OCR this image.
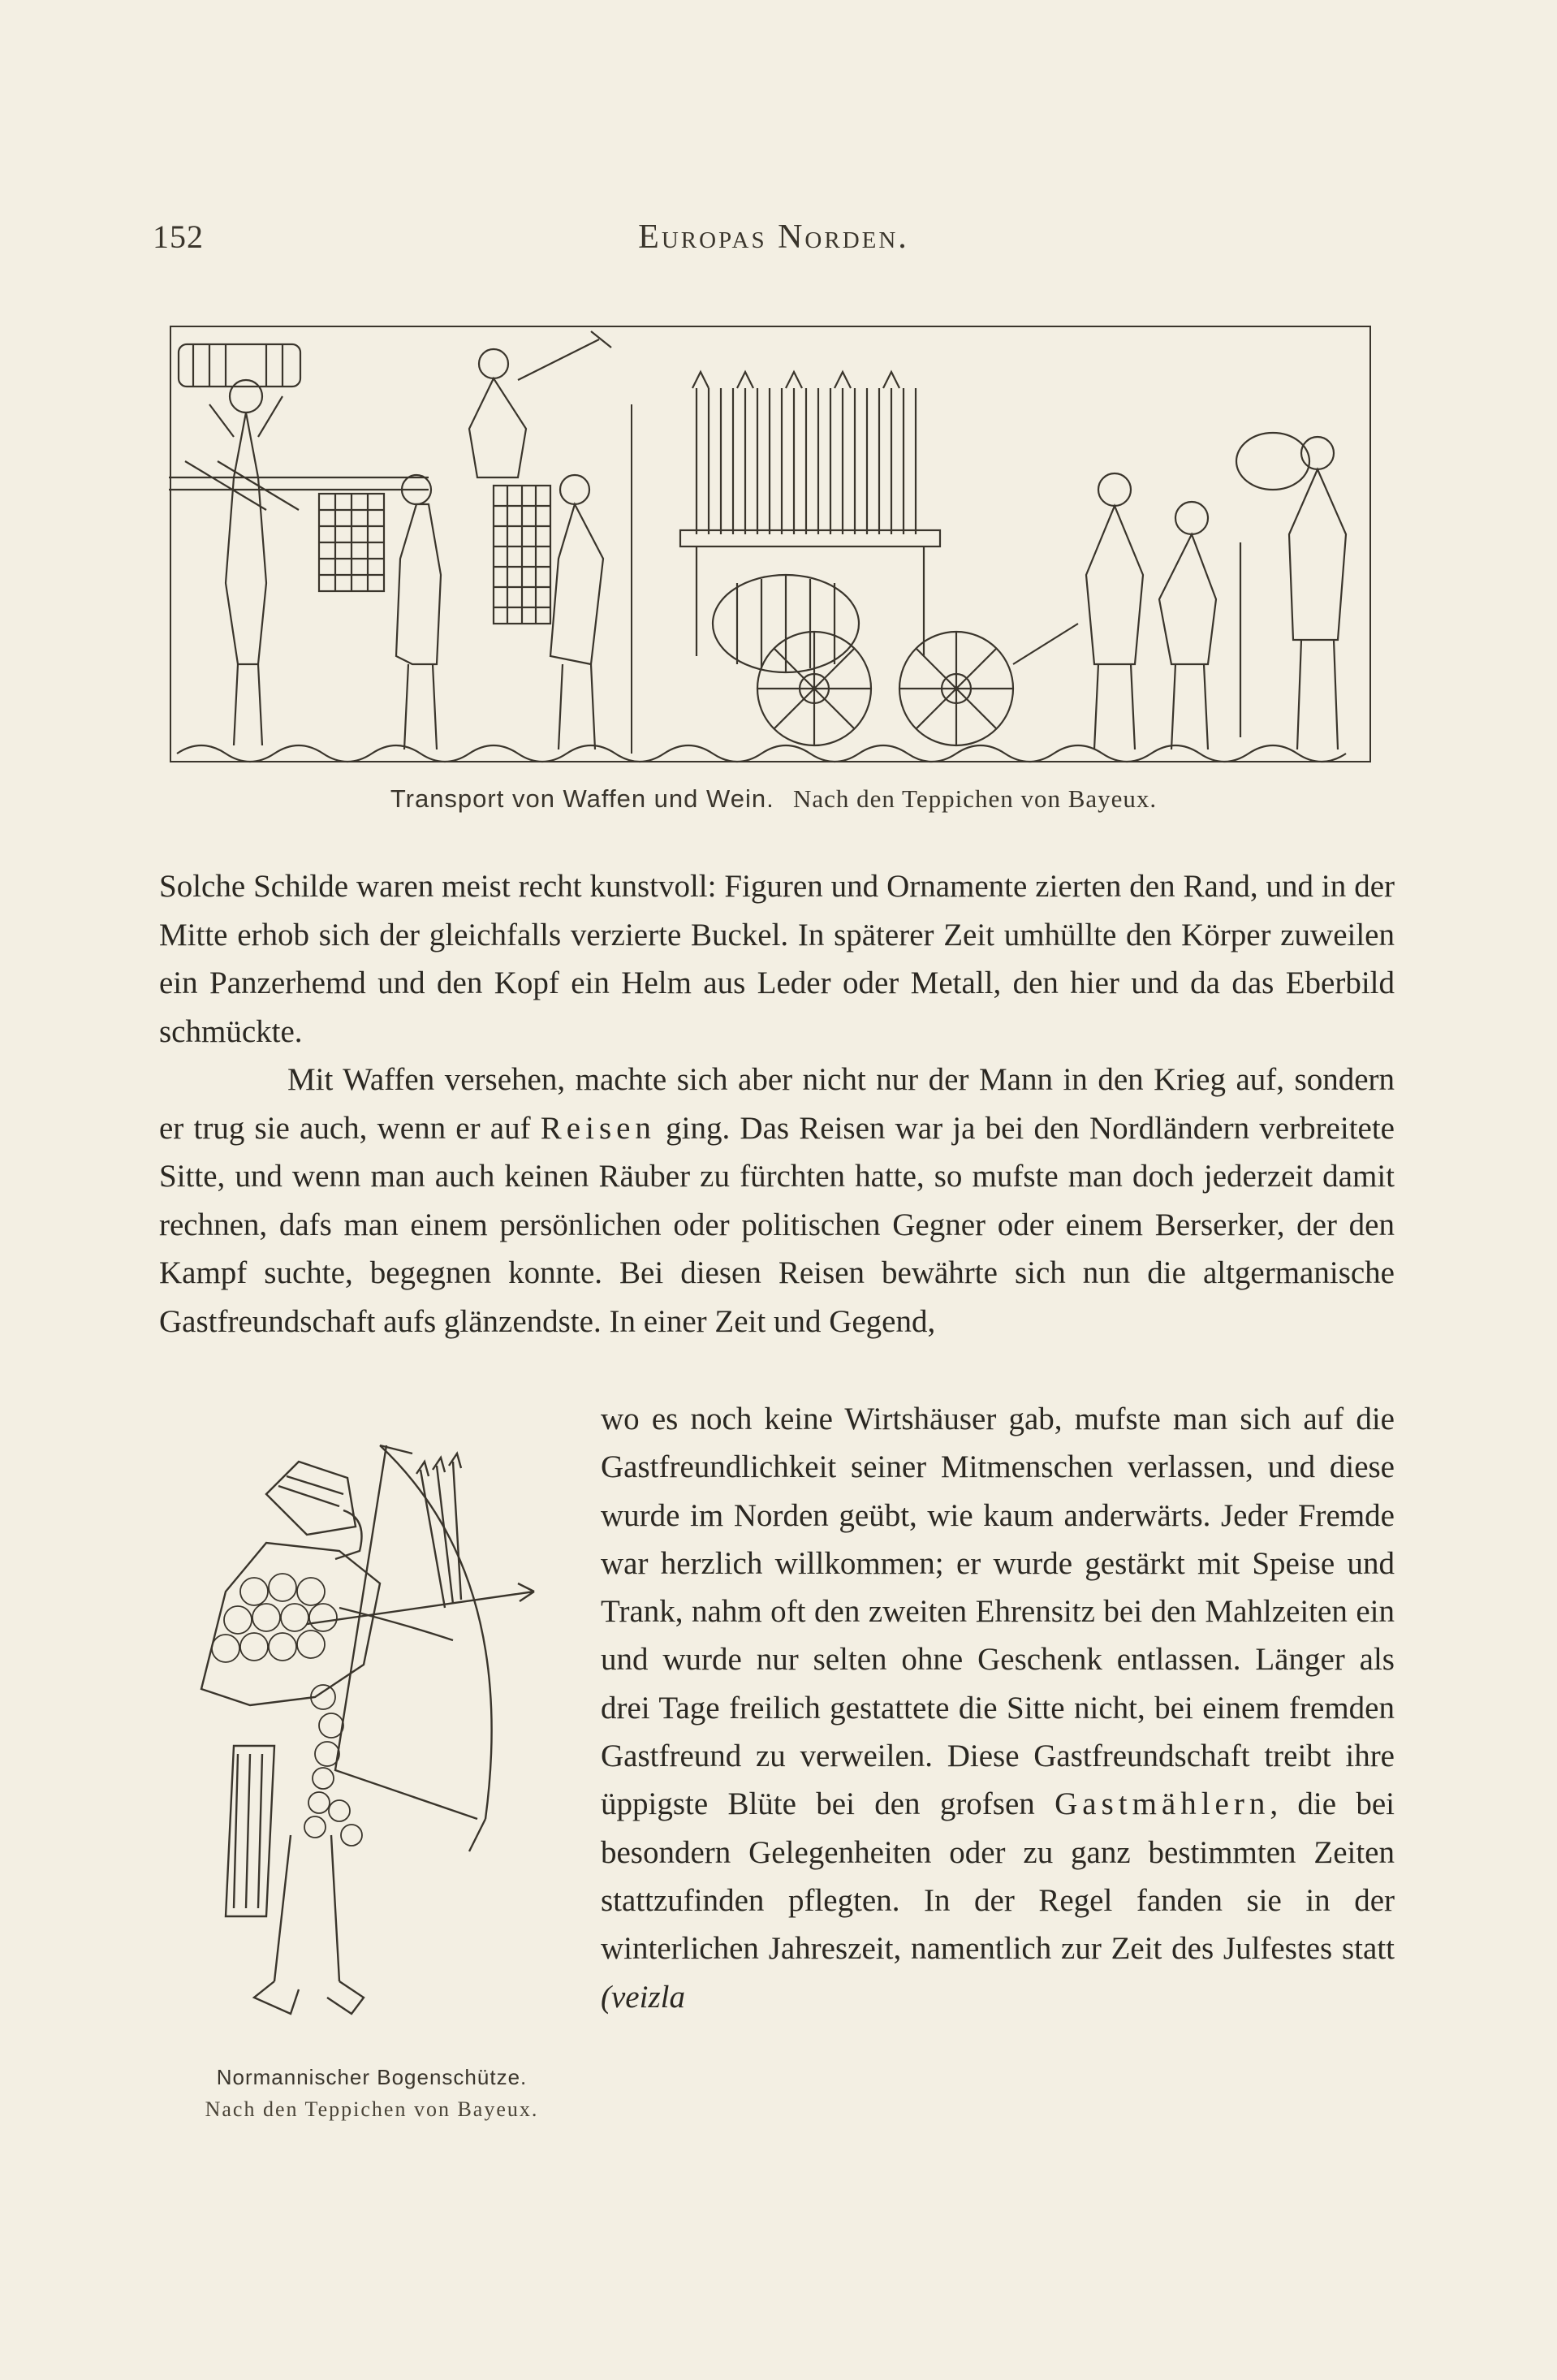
152	Europas Norden.
Transport von Waffen und Wein. Nach den Teppichen von Bayeux.

Solche Schilde waren meist recht kunstvoll: Figuren und Ornamente zierten den Rand, und in der Mitte erhob sich der gleichfalls verzierte Buckel. In späterer Zeit umhüllte den Körper zuweilen ein Panzerhemd und den Kopf ein Helm aus Leder oder Metall, den hier und da das Eberbild schmückte.

Mit Waffen versehen, machte sich aber nicht nur der Mann in den Krieg auf, sondern er trug sie auch, wenn er auf Reisen ging. Das Reisen war ja bei den Nordländern verbreitete Sitte, und wenn man auch keinen Räuber zu fürchten hatte, so mufste man doch jederzeit damit rechnen, dafs man einem persönlichen oder politischen Gegner oder einem Berserker, der den Kampf suchte, begegnen konnte. Bei diesen Reisen bewährte sich nun die altgermanische Gastfreundschaft aufs glänzendste. In einer Zeit und Gegend,

Normannischer Bogenschütze.
Nach den Teppichen von Bayeux.

wo es noch keine Wirtshäuser gab, mufste man sich auf die Gastfreundlichkeit seiner Mitmenschen verlassen, und diese wurde im Norden geübt, wie kaum anderwärts. Jeder Fremde war herzlich willkommen; er wurde gestärkt mit Speise und Trank, nahm oft den zweiten Ehrensitz bei den Mahlzeiten ein und wurde nur selten ohne Geschenk entlassen. Länger als drei Tage freilich gestattete die Sitte nicht, bei einem fremden Gastfreund zu verweilen. Diese Gastfreundschaft treibt ihre üppigste Blüte bei den grofsen Gastmählern, die bei besondern Gelegenheiten oder zu ganz bestimmten Zeiten stattzufinden pflegten. In der Regel fanden sie in der winterlichen Jahreszeit, namentlich zur Zeit des Julfestes statt (veizla
